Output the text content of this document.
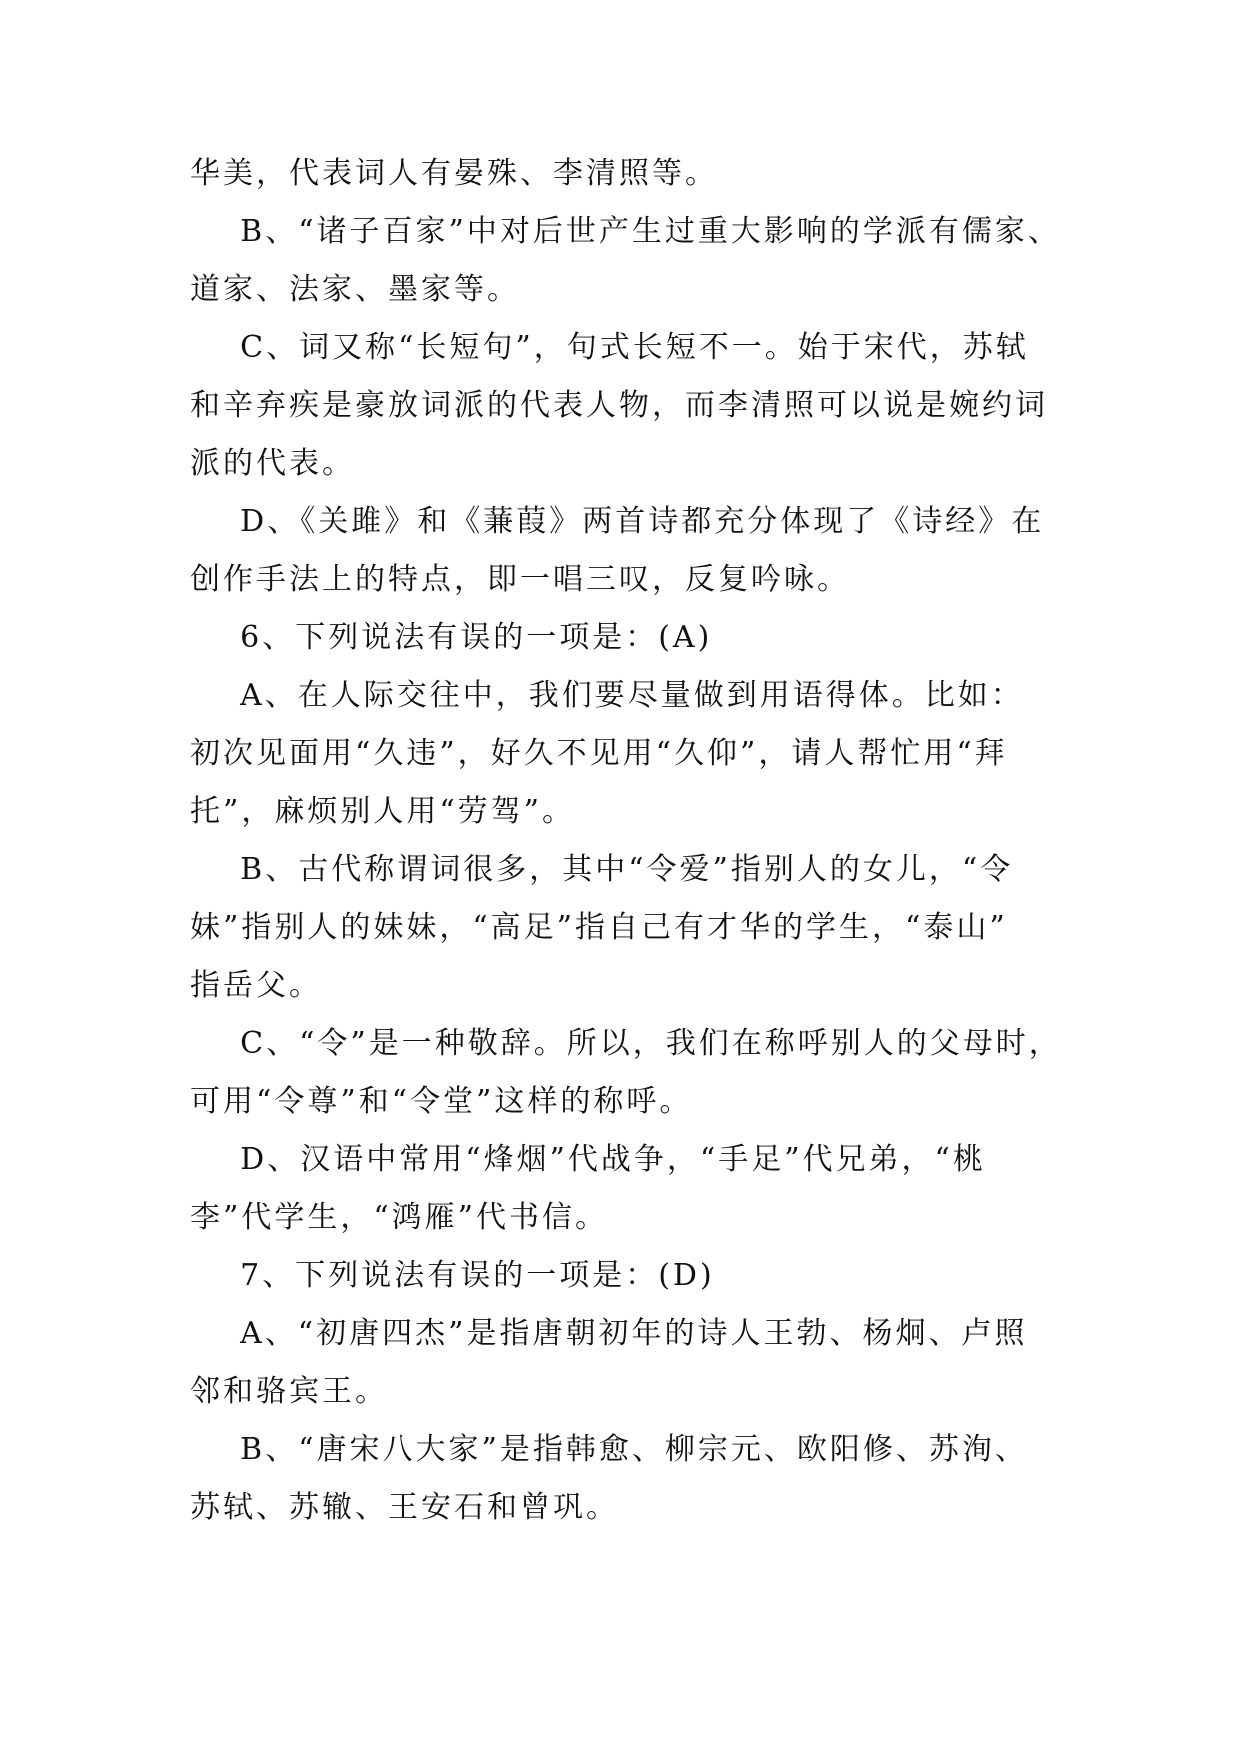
华美，代表词人有晏殊、李清照等。
B、“诸子百家”中对后世产生过重大影响的学派有儒家、
道家、法家、墨家等。
C、词又称“长短句”，句式长短不一。始于宋代，苏轼
和辛弃疾是豪放词派的代表人物，而李清照可以说是婉约词
派的代表。
D、《关雎》和《蒹葭》两首诗都充分体现了《诗经》在
创作手法上的特点，即一唱三叹，反复吟咏。
6、下列说法有误的一项是：(A)
A、在人际交往中，我们要尽量做到用语得体。比如：
初次见面用“久违”，好久不见用“久仰”，请人帮忙用“拜
托”，麻烦别人用“劳驾”。
B、古代称谓词很多，其中“令爱”指别人的女儿，“令
妹”指别人的妹妹，“高足”指自己有才华的学生，“泰山”
指岳父。
C、“令”是一种敬辞。所以，我们在称呼别人的父母时，
可用“令尊”和“令堂”这样的称呼。
D、汉语中常用“烽烟”代战争，“手足”代兄弟，“桃
李”代学生，“鸿雁”代书信。
7、下列说法有误的一项是：(D)
A、“初唐四杰”是指唐朝初年的诗人王勃、杨炯、卢照
邻和骆宾王。
B、“唐宋八大家”是指韩愈、柳宗元、欧阳修、苏洵、
苏轼、苏辙、王安石和曾巩。
